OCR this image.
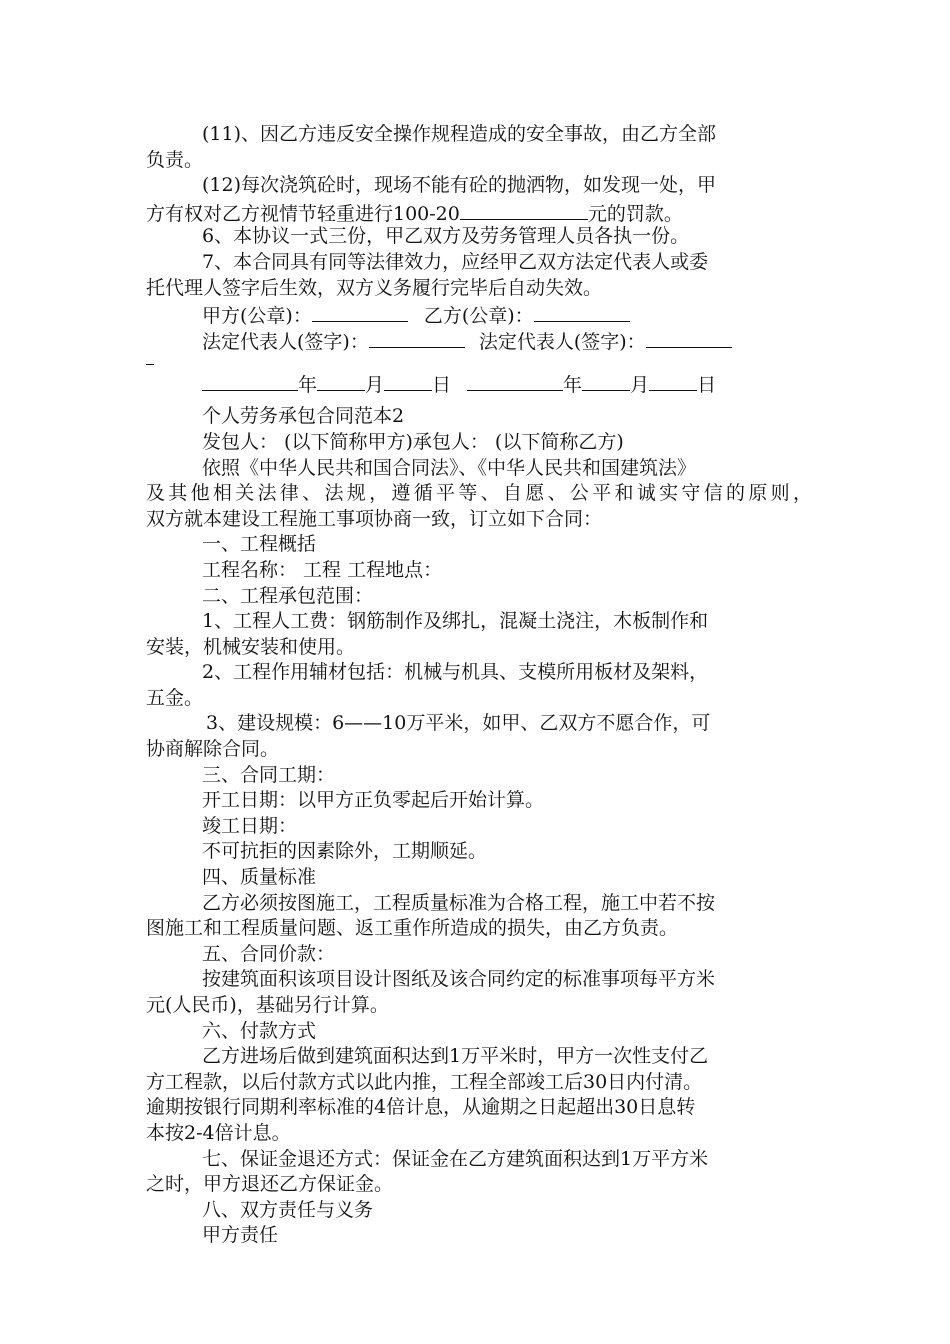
(11)、因乙方违反安全操作规程造成的安全事故，由乙方全部
负责。
(12)每次浇筑砼时，现场不能有砼的抛洒物，如发现一处，甲
方有权对乙方视情节轻重进行100-20	元的罚款。
6、本协议一式三份，甲乙双方及劳务管理人员各执一份。
7、本合同具有同等法律效力，应经甲乙双方法定代表人或委
托代理人签字后生效，双方义务履行完毕后自动失效。
甲方(公章)：	乙方(公章)：
法定代表人(签字)：	法定代表人(签字)：
年	月	日	年	月	日
个人劳务承包合同范本2
发包人： (以下简称甲方)承包人： (以下简称乙方)
依照《中华人民共和国合同法》、《中华人民共和国建筑法》
及其他相关法律、法规，遵循平等、自愿、公平和诚实守信的原则，
双方就本建设工程施工事项协商一致，订立如下合同：
一、工程概括
工程名称： 工程 工程地点：
二、工程承包范围：
1、工程人工费：钢筋制作及绑扎，混凝土浇注，木板制作和
安装，机械安装和使用。
2、工程作用辅材包括：机械与机具、支模所用板材及架料，
五金。
3、建设规模：6——10万平米，如甲、乙双方不愿合作，可
协商解除合同。
三、合同工期：
开工日期：以甲方正负零起后开始计算。
竣工日期：
不可抗拒的因素除外，工期顺延。
四、质量标准
乙方必须按图施工，工程质量标准为合格工程，施工中若不按
图施工和工程质量问题、返工重作所造成的损失，由乙方负责。
五、合同价款：
按建筑面积该项目设计图纸及该合同约定的标准事项每平方米
元(人民币)，基础另行计算。
六、付款方式
乙方进场后做到建筑面积达到1万平米时，甲方一次性支付乙
方工程款，以后付款方式以此内推，工程全部竣工后30日内付清。
逾期按银行同期利率标准的4倍计息，从逾期之日起超出30日息转
本按2-4倍计息。
七、保证金退还方式：保证金在乙方建筑面积达到1万平方米
之时，甲方退还乙方保证金。
八、双方责任与义务
甲方责任
